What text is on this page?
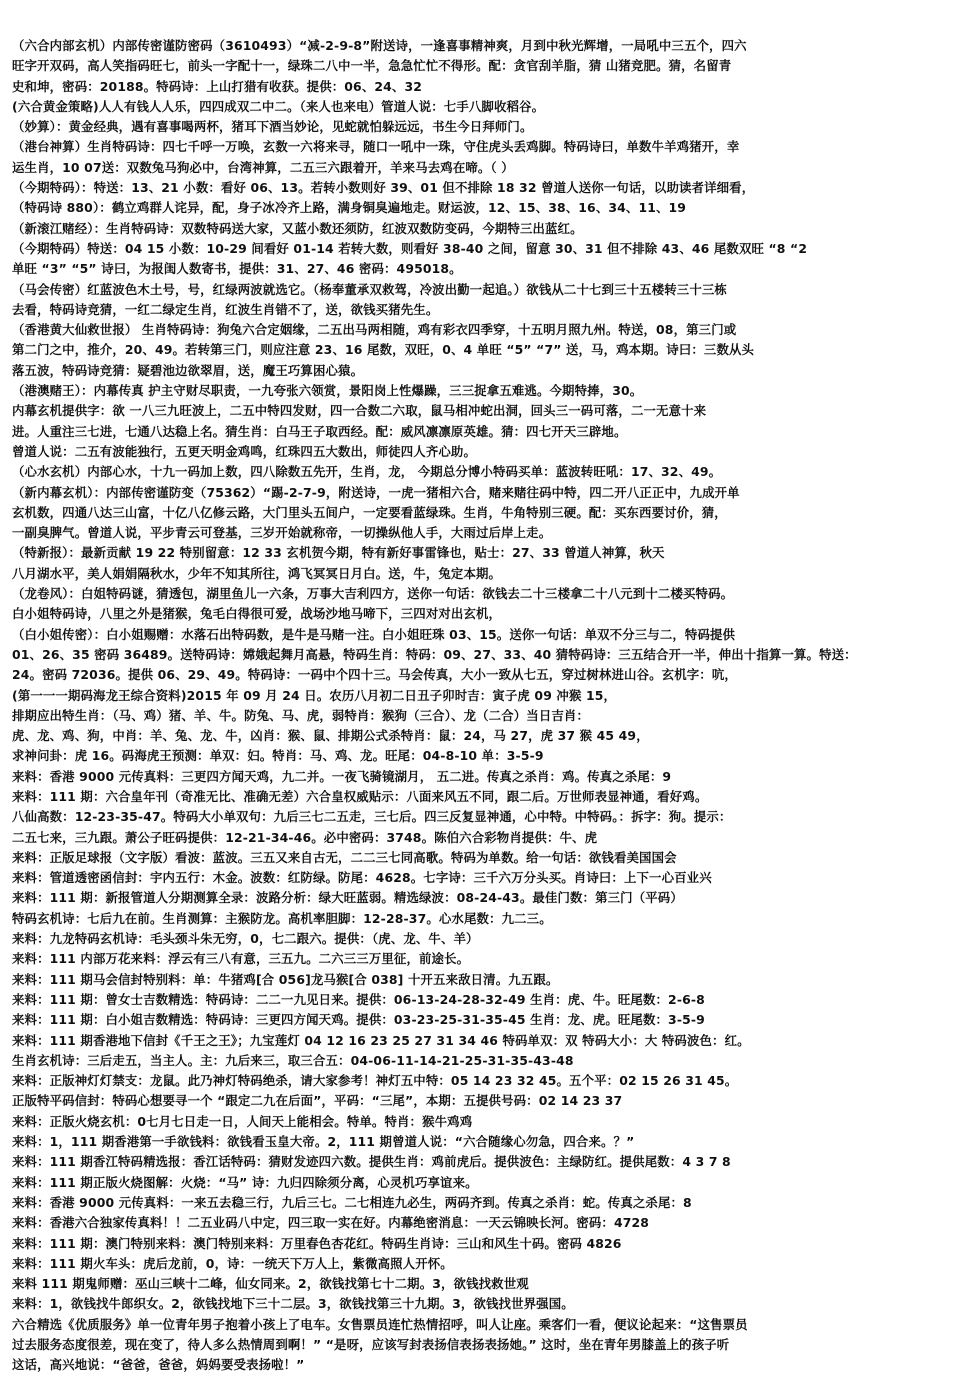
（六合内部玄机）内部传密谨防密码（3610493）“减-2-9-8”附送诗，一逢喜事精神爽，月到中秋光辉增，一局吼中三五个，四六
旺字开双码，高人笑指码旺七，前头一字配十一，绿珠二八中一半，急急忙忙不得形。配：贪官刮羊脂，猜 山猪竞肥。猜，名留青
史和坤，密码：20188。特码诗：上山打猎有收获。提供：06、24、32
(六合黄金策略)人人有钱人人乐，四四成双二中二。（来人也来电）管道人说：七手八脚收稻谷。
（妙算）：黄金经典，遇有喜事喝两杯，猪耳下酒当妙论，见蛇就怕躲远远，书生今日拜师门。
（港台神算）生肖特码诗：四七千呼一万唤，玄数一六将来寻，随口一吼中一珠，守住虎头丢鸡脚。特码诗曰，单数牛羊鸡猪开，幸
运生肖，10 07送：双数兔马狗必中，台湾神算，二五三六跟着开，羊来马去鸡在啼。（ ）
（今期特码）：特送：13、21 小数：看好 06、13。若转小数则好 39、01 但不排除 18 32 曾道人送你一句话，以助读者详细看，
（特码诗 880）：鹤立鸡群人诧异，配，身子冰冷齐上路，满身铜臭遍地走。财运波，12、15、38、16、34、11、19
（新滚江赌经）：生肖特码诗：双数特码送大家，又蓝小数还须防，红波双数防变码，今期特三出蓝红。
（今期特码）特送：04 15 小数：10-29 间看好 01-14 若转大数，则看好 38-40 之间，留意 30、31 但不排除 43、46 尾数双旺 “8 “2
单旺 “3” “5” 诗曰，为报闺人数寄书，提供：31、27、46 密码：495018。
（马会传密）红蓝波色木土号，号，红绿两波就选它。（杨奉董承双救驾，冷波出勤一起追。）欲钱从二十七到三十五楼转三十三栋
去看，特码诗竞猜，一红二绿定生肖，红波生肖错不了，送，欲钱买猪先生。
（香港黄大仙救世报） 生肖特码诗：狗兔六合定姻缘，二五出马两相随，鸡有彩衣四季穿，十五明月照九州。特送，08，第三门或
第二门之中，推介，20、49。若转第三门，则应注意 23、16 尾数，双旺，0、4 单旺 “5” “7” 送，马，鸡本期。诗曰：三数从头
落五波，特码诗竞猜：疑碧池边欲翠眉，送，魔王巧算困心猿。
（港澳赌王）：内幕传真 护主守财尽职责，一九夸张六领赏，景阳岗上性爆躁，三三捉拿五难逃。今期特捧，30。
内幕玄机提供字：欲 一八三九旺波上，二五中特四发财，四一合数二六取，鼠马相冲蛇出洞，回头三一码可落，二一无意十来
进。人重注三七进，七通八达稳上名。猜生肖：白马王子取西经。配：威风凛凛原英雄。猜：四七开天三辟地。
曾道人说：二五有波能独行，五更天明金鸡鸣，红珠四五大数出，师徒四人齐心助。
（心水玄机）内部心水，十九一码加上数，四八除数五先开，生肖，龙， 今期总分博小特码买单：蓝波转旺吼：17、32、49。
（新内幕玄机）：内部传密谨防变（75362）“踢-2-7-9，附送诗，一虎一猪相六合，赌来赌往码中特，四二开八正正中，九成开单
玄机数，四通八达三山富，十亿八亿修云路，大门里头五间户，一定要看蓝绿珠。生肖，牛角特别三硬。配：买东西要讨价，猜，
一副臭脾气。曾道人说，平步青云可登基，三岁开始就称帝，一切操纵他人手，大雨过后岸上走。
（特新报）：最新贡献 19 22 特别留意：12 33 玄机贺今期，特有新好事雷锋也，贴士：27、33 曾道人神算，秋天
八月湖水平，美人娟娟隔秋水，少年不知其所往，鸿飞冥冥日月白。送，牛，兔定本期。
（龙卷风）：白姐特码谜，猜透包，湖里鱼儿一六条，万事大吉利四方，送你一句话：欲钱去二十三楼拿二十八元到十二楼买特码。
白小姐特码诗，八里之外是猪猴，兔毛白得很可爱，战场沙地马啼下，三四对对出玄机，
（白小姐传密）：白小姐赐赠：水落石出特码数，是牛是马赌一注。白小姐旺珠 03、15。送你一句话：单双不分三与二，特码提供
01、26、35 密码 36489。送特码诗：嫦娥起舞月高悬，特码生肖：特码：09、27、33、40 猜特码诗：三五结合开一半，伸出十指算一算。特送：
24。密码 72036。提供 06、29、49。特码诗：一码中个四十三。马会传真，大小一致从七五，穿过树林进山谷。玄机字：吭，
(第一一一期码海龙王综合资料)2015 年 09 月 24 日。农历八月初二日丑子卯时吉：寅子虎 09 冲猴 15，
排期应出特生肖：（马、鸡）猪、羊、牛。防兔、马、虎，弱特肖：猴狗（三合）、龙（二合）当日吉肖：
虎、龙、鸡、狗，中肖：羊、兔、龙、牛，凶肖：猴、鼠、排期公式杀特肖：鼠：24，马 27，虎 37 猴 45 49，
求神问卦：虎 16。码海虎王预测：单双：妇。特肖：马、鸡、龙。旺尾：04-8-10 单：3-5-9
来料：香港 9000 元传真料：三更四方闻天鸡，九二并。一夜飞骑镜湖月， 五二进。传真之杀肖：鸡。传真之杀尾：9
来料：111 期：六合皇年刊（奇准无比、准确无差）六合皇权威贴示：八面来风五不同，跟二后。万世师表显神通，看好鸡。
八仙高数：12-23-35-47。特码大小单双句：九后三七二五走，三七后。四三反复显神通，心中特。中特码。：拆字：狗。提示：
二五七来，三九跟。萧公子旺码提供：12-21-34-46。必中密码：3748。陈伯六合彩物肖提供：牛、虎
来料：正版足球报（文字版）看波：蓝波。三五又来自古无，二二三七同高歌。特码为单数。给一句话：欲钱看美国国会
来料：管道透密函信封：宇内五行：木金。波数：红防绿。防尾：4628。七字诗：三千六万分头买。肖诗曰：上下一心百业兴
来料：111 期：新报管道人分期测算全录：波路分析：绿大旺蓝弱。精选绿波：08-24-43。最佳门数：第三门（平码）
特码玄机诗：七后九在前。生肖测算：主猴防龙。高机率胆脚：12-28-37。心水尾数：九二三。
来料：九龙特码玄机诗：毛头颈斗朱无穷，0，七二跟六。提供：（虎、龙、牛、羊）
来料：111 内部万花来料：浮云有三八有意，三五九。二六三三万里征，前途长。
来料：111 期马会信封特别料：单：牛猪鸡[合 056]龙马猴[合 038] 十开五来敌日清。九五跟。
来料：111 期：曾女士吉数精选：特码诗：二二一九见日来。提供：06-13-24-28-32-49 生肖：虎、牛。旺尾数：2-6-8
来料：111 期：白小姐吉数精选：特码诗：三更四方闻天鸡。提供：03-23-25-31-35-45 生肖：龙、虎。旺尾数：3-5-9
来料：111 期香港地下信封《千王之王》；九宝莲灯 04 12 16 23 25 27 31 34 46 特码单双：双 特码大小：大 特码波色：红。
生肖玄机诗：三后走五，当主人。主：九后来三，取三合五：04-06-11-14-21-25-31-35-43-48
来料：正版神灯灯禁支：龙鼠。此乃神灯特码绝杀，请大家参考！神灯五中特：05 14 23 32 45。五个平：02 15 26 31 45。
正版特平码信封：特码心想要寻一个 “跟定二九在后面”，平码：“三尾”，本期：五提供号码：02 14 23 37
来料：正版火烧玄机：0七月七日走一日，人间天上能相会。特单。特肖：猴牛鸡鸡
来料：1，111 期香港第一手欲钱料：欲钱看玉皇大帝。2，111 期曾道人说：“六合随缘心勿急，四合来。？”
来料：111 期香江特码精选报：香江话特码：猜财发迹四六数。提供生肖：鸡前虎后。提供波色：主绿防红。提供尾数：4 3 7 8
来料：111 期正版火烧图解：火烧：“马” 诗：九归四除须分离，心灵机巧享谊来。
来料：香港 9000 元传真料：一来五去稳三行，九后三七。二七相连九必生，两码齐到。传真之杀肖：蛇。传真之杀尾：8
来料：香港六合独家传真料！！二五业码八中定，四三取一实在好。内幕绝密消息：一天云锦映长河。密码：4728
来料：111 期：澳门特别来料：澳门特别来料：万里春色杏花红。特码生肖诗：三山和风生十码。密码 4826
来料：111 期火车头：虎后龙前，0，诗：一统天下万人上，紫微高照人开怀。
来料 111 期鬼师赠：巫山三峡十二峰，仙女同来。2，欲钱找第七十二期。3，欲钱找救世观
来料：1，欲钱找牛郎织女。2，欲钱找地下三十二层。3，欲钱找第三十九期。3，欲钱找世界强国。
六合精选《优质服务》单一位青年男子抱着小孩上了电车。女售票员连忙热情招呼，叫人让座。乘客们一看，便议论起来：“这售票员
过去服务态度很差，现在变了，待人多么热情周到啊！” “是呀，应该写封表扬信表扬表扬她。” 这时，坐在青年男膝盖上的孩子听
这话，高兴地说：“爸爸，爸爸，妈妈要受表扬啦！”
